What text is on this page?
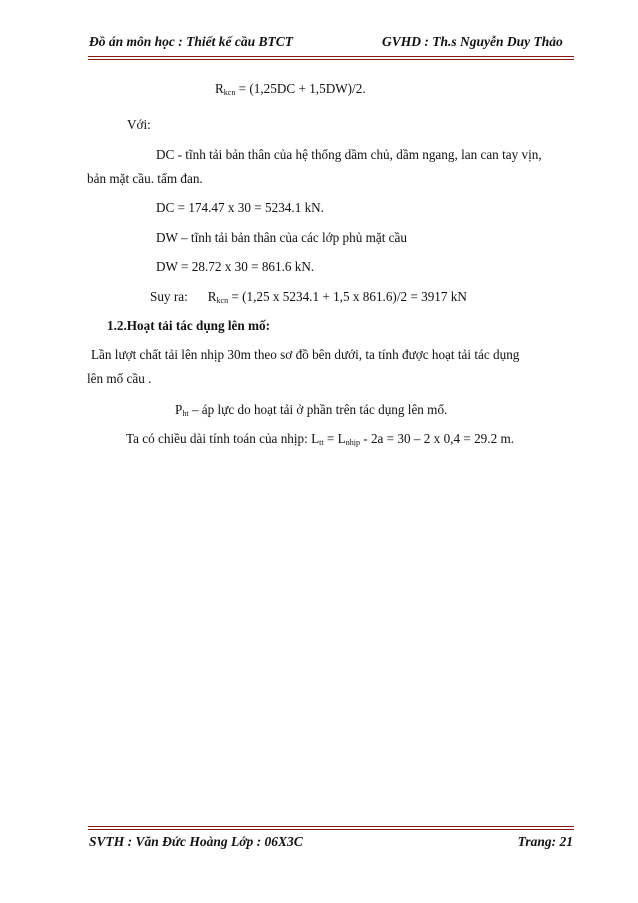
Đồ án môn học : Thiết kế cầu BTCT	GVHD : Th.s Nguyễn Duy Thảo
$R_{kcn} = (1,25DC + 1,5DW)/2$.
Với:
DC - tĩnh tải bản thân của hệ thống dầm chủ, dầm ngang, lan can tay vịn,
bản mặt cầu. tấm đan.
DC = 174.47 x 30 = 5234.1 kN.
DW – tĩnh tải bản thân của các lớp phủ mặt cầu
DW = 28.72 x 30 = 861.6 kN.
Suy ra: $R_{kcn} = (1,25$ x 5234.1 + 1,5 x 861.6)/2 = 3917 kN
1.2.Hoạt tải tác dụng lên mố:
Lần lượt chất tải lên nhịp 30m theo sơ đồ bên dưới, ta tính được hoạt tải tác dụng
lên mố cầu .
$P_{ht}$ – áp lực do hoạt tải ở phần trên tác dụng lên mố.
Ta có chiều dài tính toán của nhịp: $L_{tt} = L_{nhịp} - 2a = 30 - 2$ x 0,4 = 29.2 m.
SVTH : Văn Đức Hoàng Lớp : 06X3C	Trang: 21
